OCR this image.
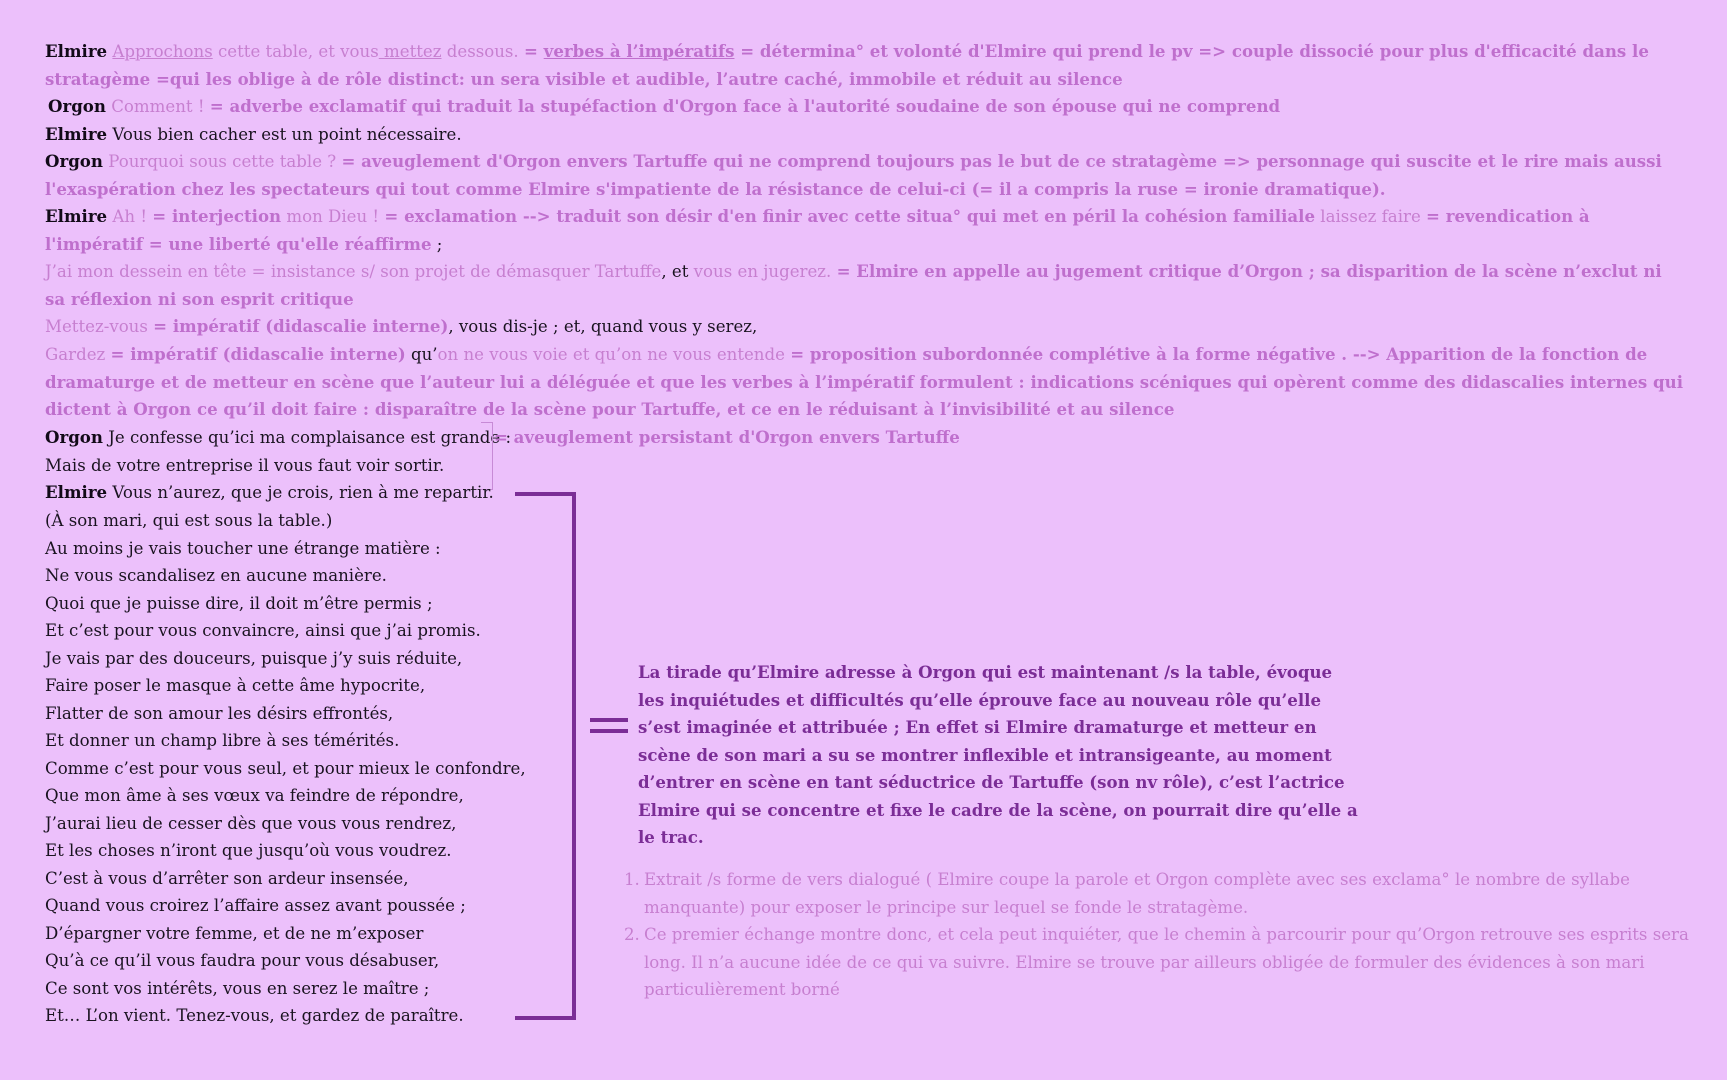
Elmire Approchons cette table, et vous mettez dessous. = verbes à l’impératifs = détermina° et volonté d'Elmire qui prend le pv => couple dissocié pour plus d'efficacité dans le stratagème =qui les oblige à de rôle distinct: un sera visible et audible, l’autre caché, immobile et réduit au silence
Orgon Comment ! = adverbe exclamatif qui traduit la stupéfaction d'Orgon face à l'autorité soudaine de son épouse qui ne comprend
Elmire Vous bien cacher est un point nécessaire.
Orgon Pourquoi sous cette table ? = aveuglement d'Orgon envers Tartuffe qui ne comprend toujours pas le but de ce stratagème => personnage qui suscite et le rire mais aussi l'exaspération chez les spectateurs qui tout comme Elmire s'impatiente de la résistance de celui-ci (= il a compris la ruse = ironie dramatique).
Elmire Ah ! = interjection mon Dieu ! = exclamation --> traduit son désir d'en finir avec cette situa° qui met en péril la cohésion familiale laissez faire = revendication à l'impératif = une liberté qu'elle réaffirme ;
J’ai mon dessein en tête = insistance s/ son projet de démasquer Tartuffe, et vous en jugerez. = Elmire en appelle au jugement critique d’Orgon ; sa disparition de la scène n’exclut ni sa réflexion ni son esprit critique
Mettez-vous = impératif (didascalie interne), vous dis-je ; et, quand vous y serez,
Gardez = impératif (didascalie interne) qu’on ne vous voie et qu’on ne vous entende = proposition subordonnée complétive à la forme négative . --> Apparition de la fonction de dramaturge et de metteur en scène que l’auteur lui a déléguée et que les verbes à l’impératif formulent : indications scéniques qui opèrent comme des didascalies internes qui dictent à Orgon ce qu’il doit faire : disparaître de la scène pour Tartuffe, et ce en le réduisant à l’invisibilité et au silence
Orgon Je confesse qu’ici ma complaisance est grande :
= aveuglement persistant d'Orgon envers Tartuffe
Mais de votre entreprise il vous faut voir sortir.
Elmire Vous n’aurez, que je crois, rien à me repartir.
(À son mari, qui est sous la table.)
Au moins je vais toucher une étrange matière :
Ne vous scandalisez en aucune manière.
Quoi que je puisse dire, il doit m’être permis ;
Et c’est pour vous convaincre, ainsi que j’ai promis.
Je vais par des douceurs, puisque j’y suis réduite,
Faire poser le masque à cette âme hypocrite,
Flatter de son amour les désirs effrontés,
Et donner un champ libre à ses témérités.
Comme c’est pour vous seul, et pour mieux le confondre,
Que mon âme à ses vœux va feindre de répondre,
J’aurai lieu de cesser dès que vous vous rendrez,
Et les choses n’iront que jusqu’où vous voudrez.
C’est à vous d’arrêter son ardeur insensée,
Quand vous croirez l’affaire assez avant poussée ;
D’épargner votre femme, et de ne m’exposer
Qu’à ce qu’il vous faudra pour vous désabuser,
Ce sont vos intérêts, vous en serez le maître ;
Et… L’on vient. Tenez-vous, et gardez de paraître.
La tirade qu’Elmire adresse à Orgon qui est maintenant /s la table, évoque les inquiétudes et difficultés qu’elle éprouve face au nouveau rôle qu’elle s’est imaginée et attribuée ; En effet si Elmire dramaturge et metteur en scène de son mari a su se montrer inflexible et intransigeante, au moment d’entrer en scène en tant séductrice de Tartuffe (son nv rôle), c’est l’actrice Elmire qui se concentre et fixe le cadre de la scène, on pourrait dire qu’elle a le trac.
1. Extrait /s forme de vers dialogué ( Elmire coupe la parole et Orgon complète avec ses exclama° le nombre de syllabe manquante) pour exposer le principe sur lequel se fonde le stratagème.
2. Ce premier échange montre donc, et cela peut inquiéter, que le chemin à parcourir pour qu’Orgon retrouve ses esprits sera long. Il n’a aucune idée de ce qui va suivre. Elmire se trouve par ailleurs obligée de formuler des évidences à son mari particulièrement borné
